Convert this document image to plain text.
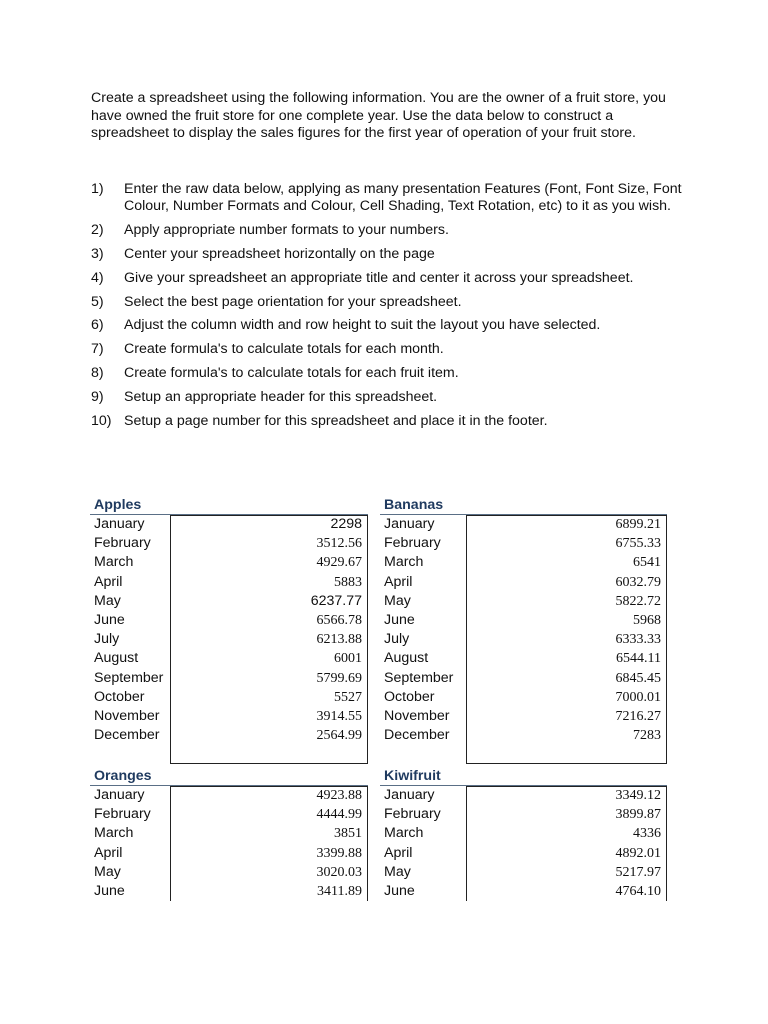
Create a spreadsheet using the following information. You are the owner of a fruit store, you have owned the fruit store for one complete year. Use the data below to construct a spreadsheet to display the sales figures for the first year of operation of your fruit store.

1)	Enter the raw data below, applying as many presentation Features (Font, Font Size, Font Colour, Number Formats and Colour, Cell Shading, Text Rotation, etc) to it as you wish.
2)	Apply appropriate number formats to your numbers.
3)	Center your spreadsheet horizontally on the page
4)	Give your spreadsheet an appropriate title and center it across your spreadsheet.
5)	Select the best page orientation for your spreadsheet.
6)	Adjust the column width and row height to suit the layout you have selected.
7)	Create formula's to calculate totals for each month.
8)	Create formula's to calculate totals for each fruit item.
9)	Setup an appropriate header for this spreadsheet.
10) Setup a page number for this spreadsheet and place it in the footer.
Apples
January	2298
February	3512.56
March	4929.67
April	5883
May	6237.77
June	6566.78
July	6213.88
August	6001
September	5799.69
October	5527
November	3914.55
December	2564.99
Bananas
January	6899.21
February	6755.33
March	6541
April	6032.79
May	5822.72
June	5968
July	6333.33
August	6544.11
September	6845.45
October	7000.01
November	7216.27
December	7283
Oranges
January	4923.88
February	4444.99
March	3851
April	3399.88
May	3020.03
June	3411.89
Kiwifruit
January	3349.12
February	3899.87
March	4336
April	4892.01
May	5217.97
June	4764.10
